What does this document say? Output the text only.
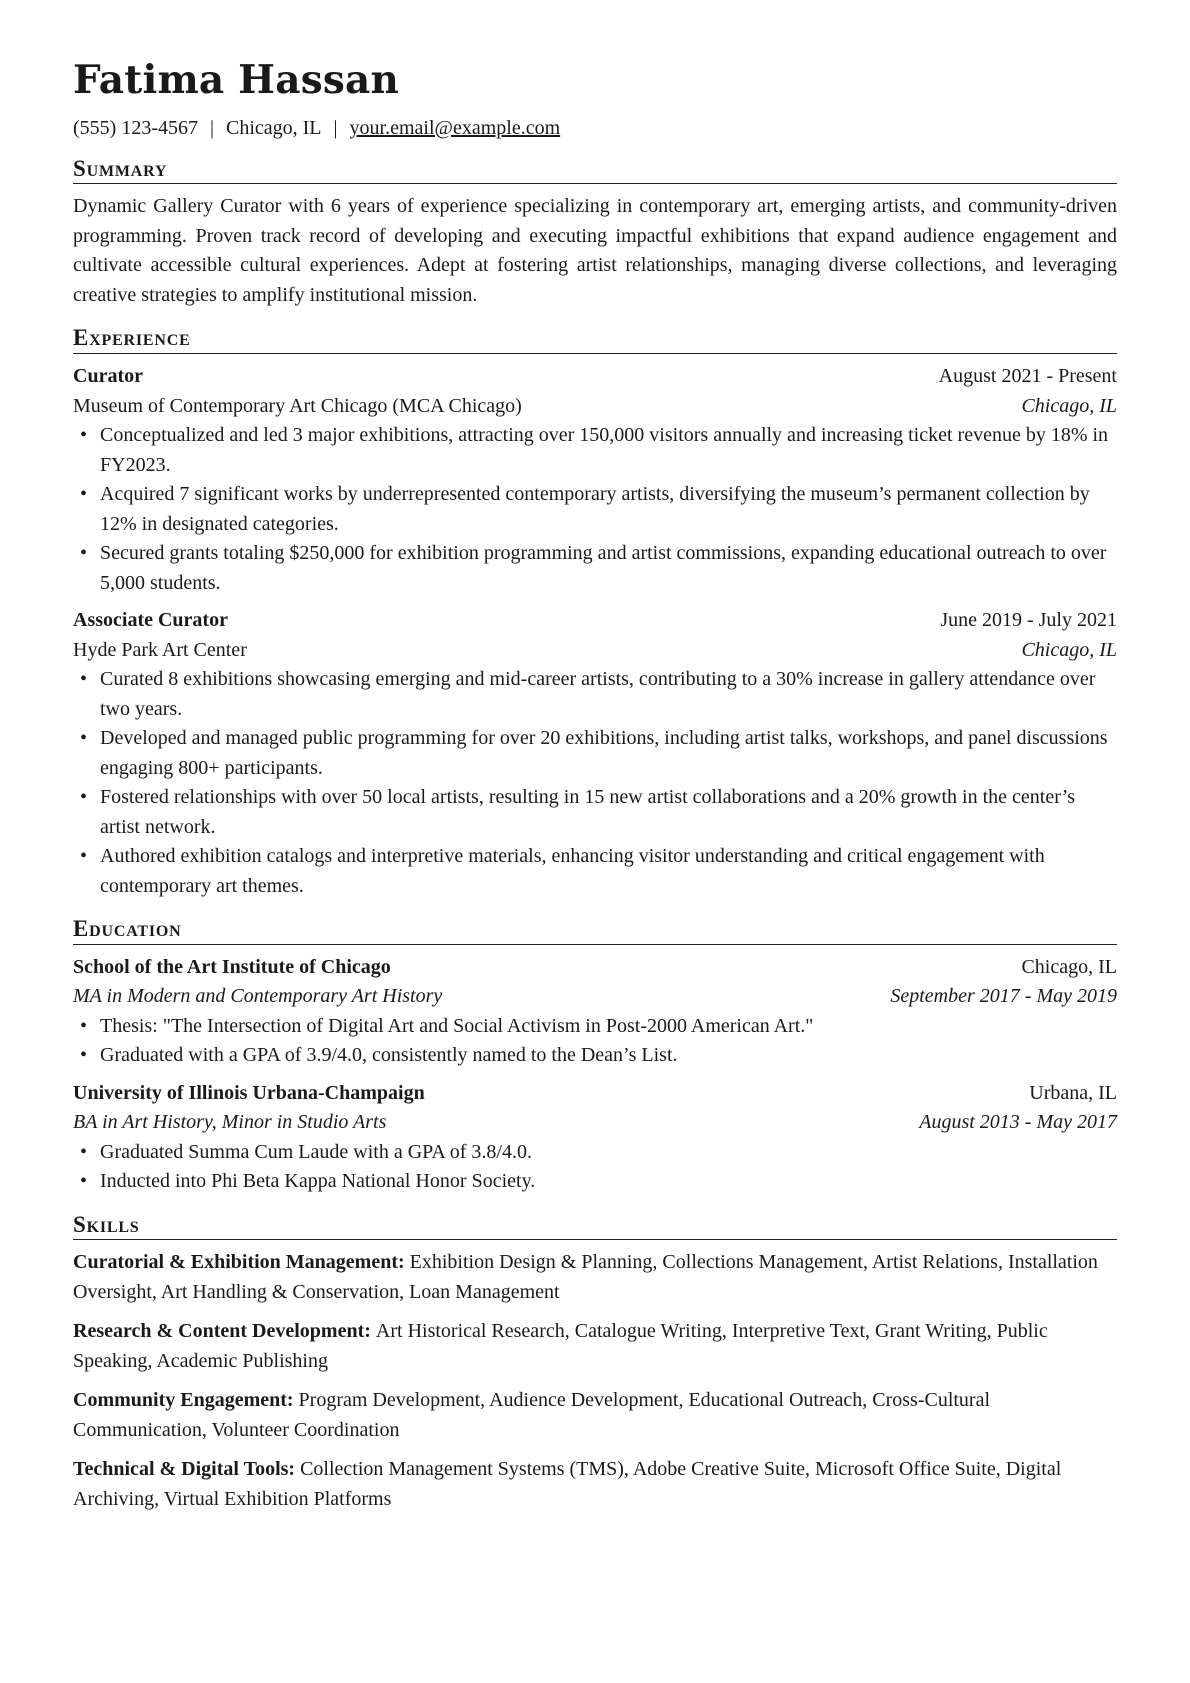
Fatima Hassan
(555) 123-4567 | Chicago, IL | your.email@example.com
Summary
Dynamic Gallery Curator with 6 years of experience specializing in contemporary art, emerging artists, and community-driven programming. Proven track record of developing and executing impactful exhibitions that expand audience engagement and cultivate accessible cultural experiences. Adept at fostering artist relationships, managing diverse collections, and leveraging creative strategies to amplify institutional mission.
Experience
Curator	August 2021 - Present
Museum of Contemporary Art Chicago (MCA Chicago)	Chicago, IL
• Conceptualized and led 3 major exhibitions, attracting over 150,000 visitors annually and increasing ticket revenue by 18% in FY2023.
• Acquired 7 significant works by underrepresented contemporary artists, diversifying the museum’s permanent collection by 12% in designated categories.
• Secured grants totaling $250,000 for exhibition programming and artist commissions, expanding educational outreach to over 5,000 students.
Associate Curator	June 2019 - July 2021
Hyde Park Art Center	Chicago, IL
• Curated 8 exhibitions showcasing emerging and mid-career artists, contributing to a 30% increase in gallery attendance over two years.
• Developed and managed public programming for over 20 exhibitions, including artist talks, workshops, and panel discussions engaging 800+ participants.
• Fostered relationships with over 50 local artists, resulting in 15 new artist collaborations and a 20% growth in the center’s artist network.
• Authored exhibition catalogs and interpretive materials, enhancing visitor understanding and critical engagement with contemporary art themes.
Education
School of the Art Institute of Chicago	Chicago, IL
MA in Modern and Contemporary Art History	September 2017 - May 2019
• Thesis: "The Intersection of Digital Art and Social Activism in Post-2000 American Art."
• Graduated with a GPA of 3.9/4.0, consistently named to the Dean’s List.
University of Illinois Urbana-Champaign	Urbana, IL
BA in Art History, Minor in Studio Arts	August 2013 - May 2017
• Graduated Summa Cum Laude with a GPA of 3.8/4.0.
• Inducted into Phi Beta Kappa National Honor Society.
Skills
Curatorial & Exhibition Management: Exhibition Design & Planning, Collections Management, Artist Relations, Installation Oversight, Art Handling & Conservation, Loan Management
Research & Content Development: Art Historical Research, Catalogue Writing, Interpretive Text, Grant Writing, Public Speaking, Academic Publishing
Community Engagement: Program Development, Audience Development, Educational Outreach, Cross-Cultural Communication, Volunteer Coordination
Technical & Digital Tools: Collection Management Systems (TMS), Adobe Creative Suite, Microsoft Office Suite, Digital Archiving, Virtual Exhibition Platforms
